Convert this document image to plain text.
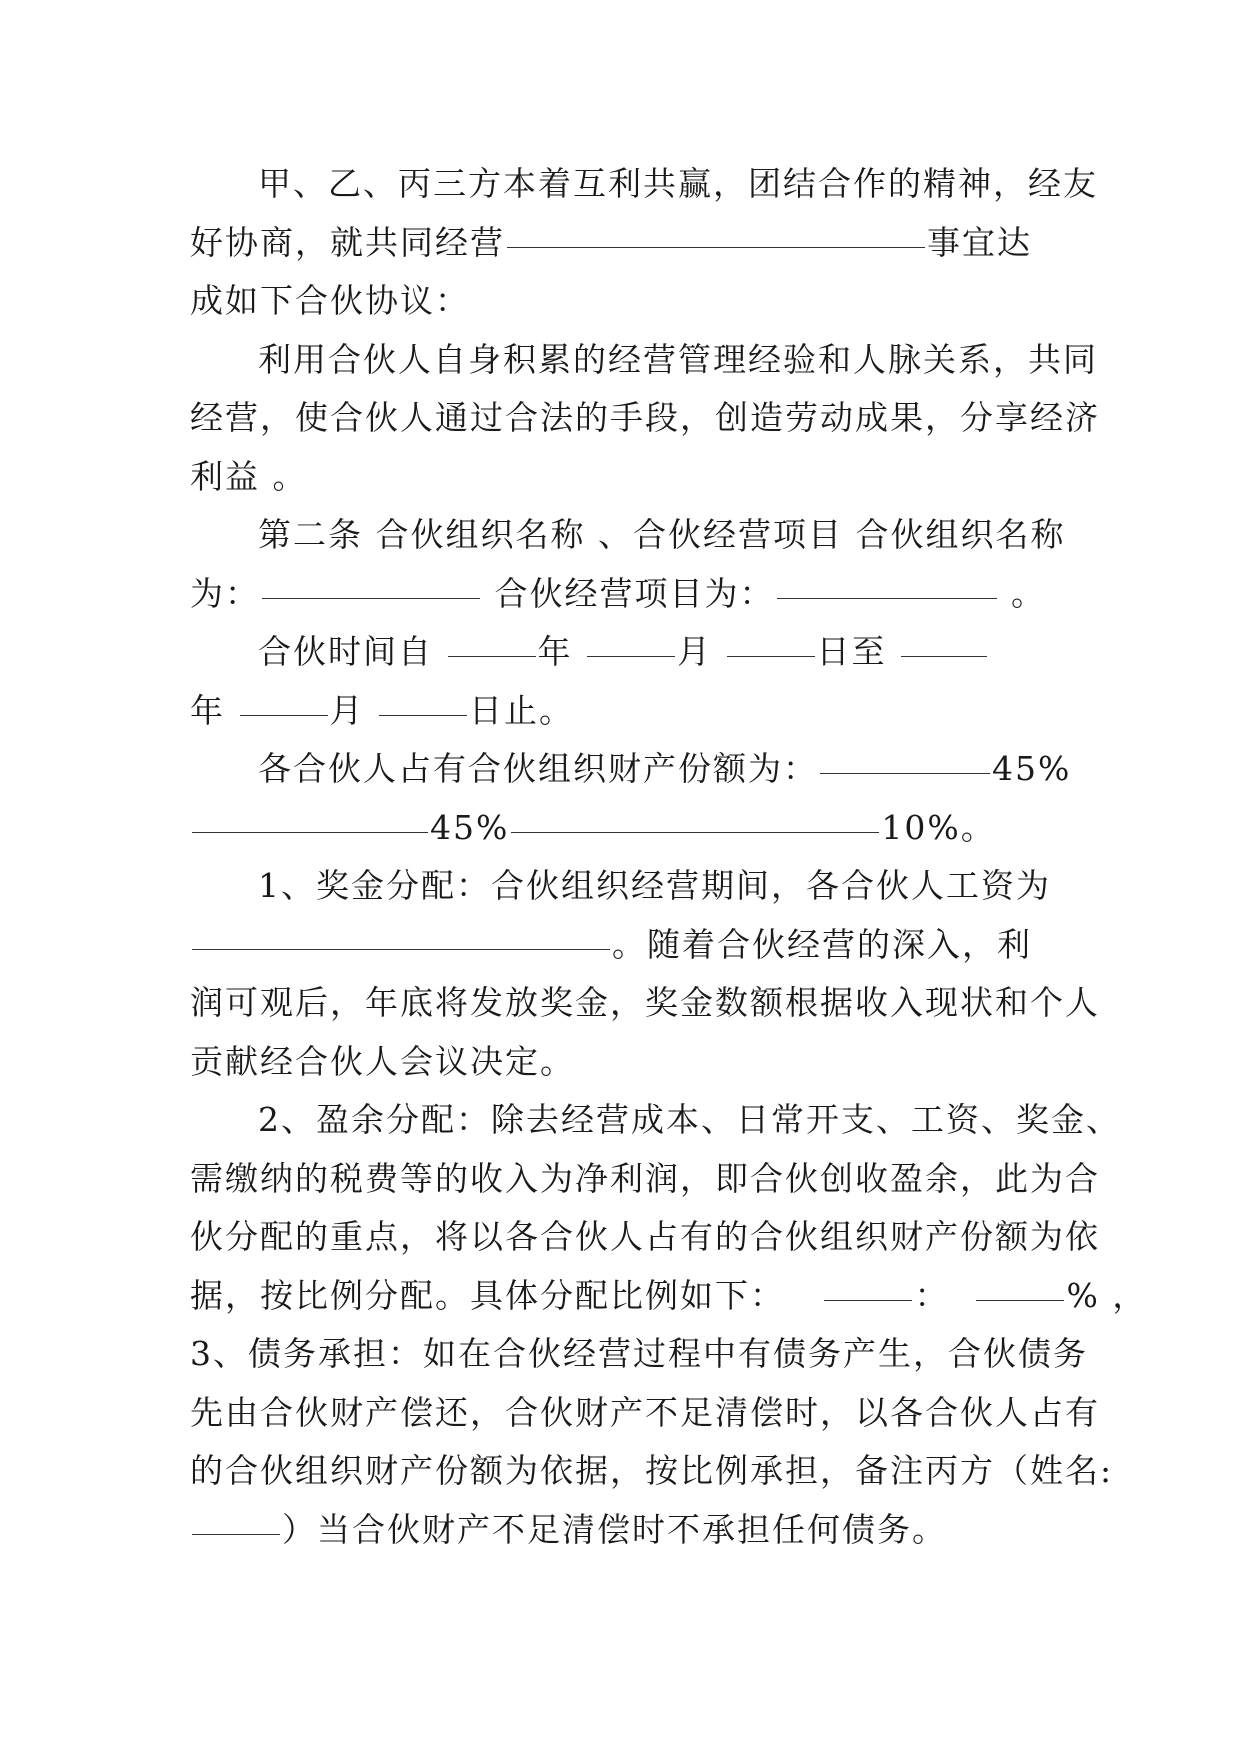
甲、乙、丙三方本着互利共赢，团结合作的精神，经友
好协商，就共同经营	事宜达
成如下合伙协议：
利用合伙人自身积累的经营管理经验和人脉关系，共同
经营，使合伙人通过合法的手段，创造劳动成果，分享经济
利益 。
第二条 合伙组织名称 、合伙经营项目 合伙组织名称
为：	合伙经营项目为：	。
合伙时间自	年	月	日至
年	月	日止。
各合伙人占有合伙组织财产份额为：	45%
45%	10%。
1、奖金分配：合伙组织经营期间，各合伙人工资为
。随着合伙经营的深入，利
润可观后，年底将发放奖金，奖金数额根据收入现状和个人
贡献经合伙人会议决定。
2、盈余分配：除去经营成本、日常开支、工资、奖金、
需缴纳的税费等的收入为净利润，即合伙创收盈余，此为合
伙分配的重点，将以各合伙人占有的合伙组织财产份额为依
据，按比例分配。具体分配比例如下：	：	% ，
3、债务承担：如在合伙经营过程中有债务产生，合伙债务
先由合伙财产偿还，合伙财产不足清偿时，以各合伙人占有
的合伙组织财产份额为依据，按比例承担，备注丙方（姓名:
）当合伙财产不足清偿时不承担任何债务。
